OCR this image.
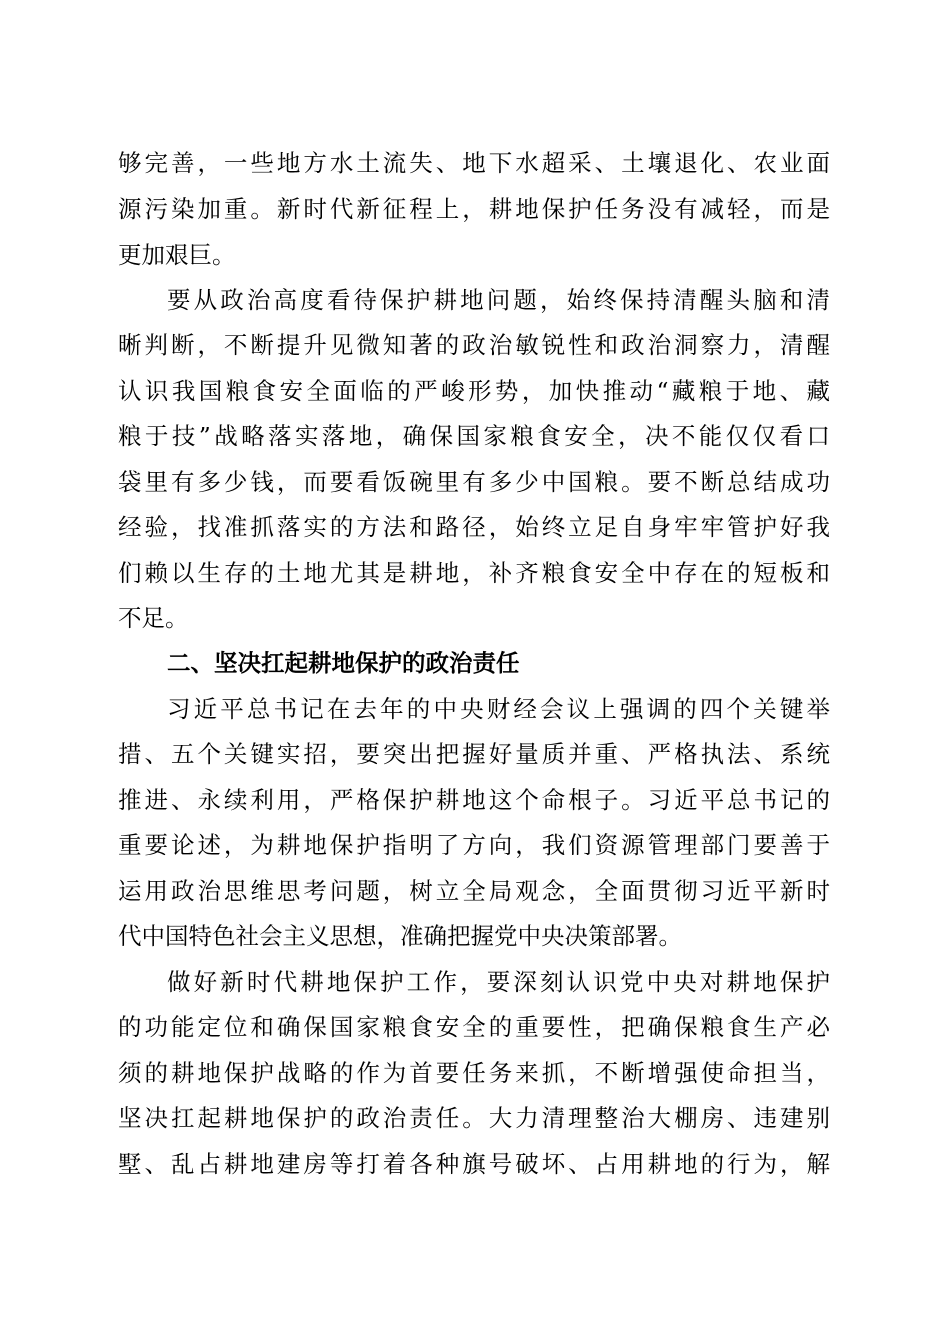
够完善，一些地方水土流失、地下水超采、土壤退化、农业面
源污染加重。新时代新征程上，耕地保护任务没有减轻，而是
更加艰巨。
要从政治高度看待保护耕地问题，始终保持清醒头脑和清
晰判断，不断提升见微知著的政治敏锐性和政治洞察力，清醒
认识我国粮食安全面临的严峻形势，加快推动“藏粮于地、藏
粮于技”战略落实落地，确保国家粮食安全，决不能仅仅看口
袋里有多少钱，而要看饭碗里有多少中国粮。要不断总结成功
经验，找准抓落实的方法和路径，始终立足自身牢牢管护好我
们赖以生存的土地尤其是耕地，补齐粮食安全中存在的短板和
不足。
二、坚决扛起耕地保护的政治责任
习近平总书记在去年的中央财经会议上强调的四个关键举
措、五个关键实招，要突出把握好量质并重、严格执法、系统
推进、永续利用，严格保护耕地这个命根子。习近平总书记的
重要论述，为耕地保护指明了方向，我们资源管理部门要善于
运用政治思维思考问题，树立全局观念，全面贯彻习近平新时
代中国特色社会主义思想，准确把握党中央决策部署。
做好新时代耕地保护工作，要深刻认识党中央对耕地保护
的功能定位和确保国家粮食安全的重要性，把确保粮食生产必
须的耕地保护战略的作为首要任务来抓，不断增强使命担当，
坚决扛起耕地保护的政治责任。大力清理整治大棚房、违建别
墅、乱占耕地建房等打着各种旗号破坏、占用耕地的行为，解
